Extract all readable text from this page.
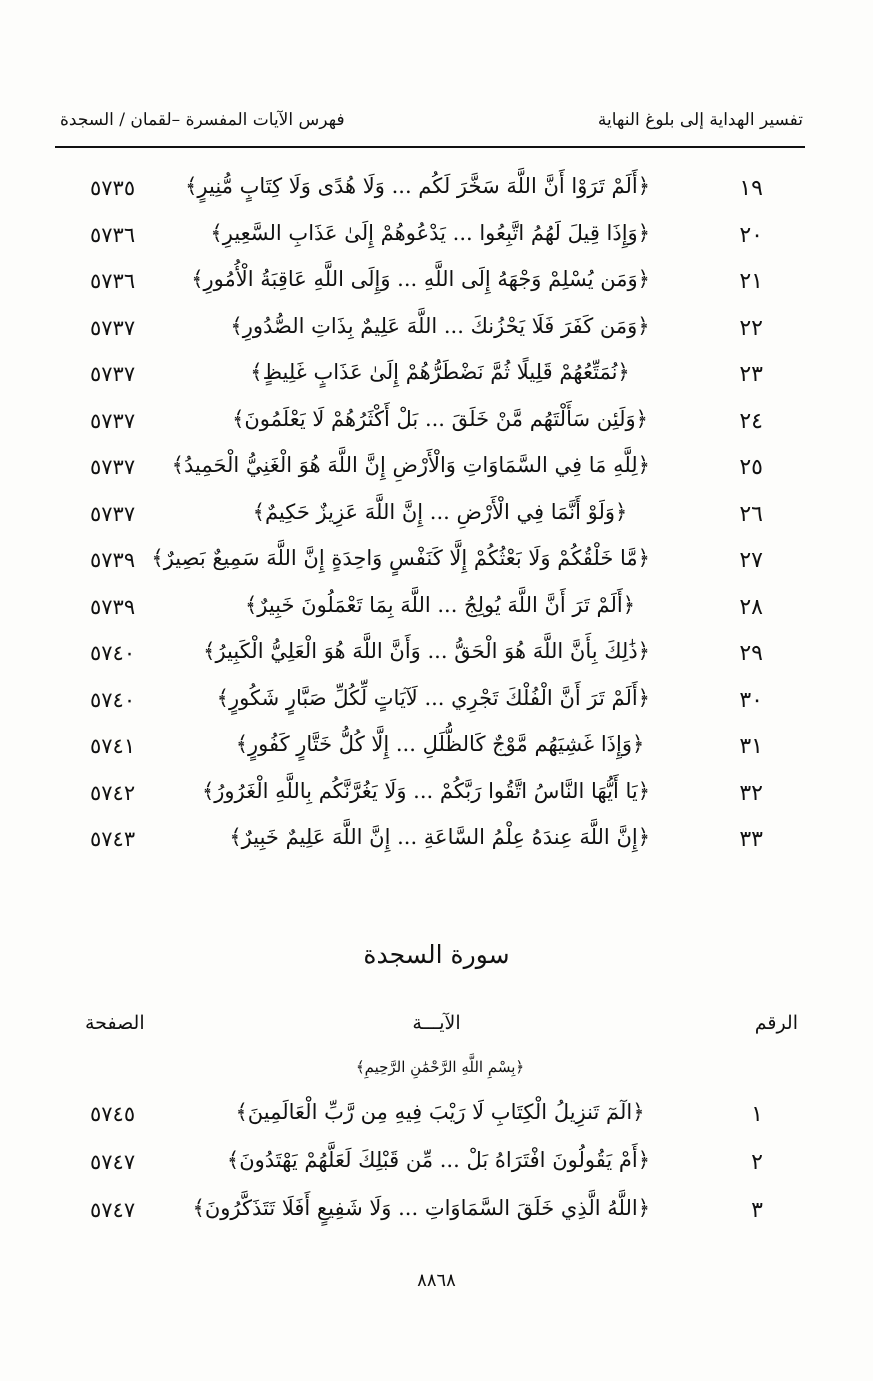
تفسير الهداية إلى بلوغ النهاية
فهرس الآيات المفسرة –لقمان / السجدة
١٩
﴿أَلَمْ تَرَوْا أَنَّ اللَّهَ سَخَّرَ لَكُم ... وَلَا هُدًى وَلَا كِتَابٍ مُّنِيرٍ﴾
٥٧٣٥
٢٠
﴿وَإِذَا قِيلَ لَهُمُ اتَّبِعُوا ... يَدْعُوهُمْ إِلَىٰ عَذَابِ السَّعِيرِ﴾
٥٧٣٦
٢١
﴿وَمَن يُسْلِمْ وَجْهَهُ إِلَى اللَّهِ ... وَإِلَى اللَّهِ عَاقِبَةُ الْأُمُورِ﴾
٥٧٣٦
٢٢
﴿وَمَن كَفَرَ فَلَا يَحْزُنكَ ... اللَّهَ عَلِيمٌ بِذَاتِ الصُّدُورِ﴾
٥٧٣٧
٢٣
﴿نُمَتِّعُهُمْ قَلِيلًا ثُمَّ نَضْطَرُّهُمْ إِلَىٰ عَذَابٍ غَلِيظٍ﴾
٥٧٣٧
٢٤
﴿وَلَئِن سَأَلْتَهُم مَّنْ خَلَقَ ... بَلْ أَكْثَرُهُمْ لَا يَعْلَمُونَ﴾
٥٧٣٧
٢٥
﴿لِلَّهِ مَا فِي السَّمَاوَاتِ وَالْأَرْضِ إِنَّ اللَّهَ هُوَ الْغَنِيُّ الْحَمِيدُ﴾
٥٧٣٧
٢٦
﴿وَلَوْ أَنَّمَا فِي الْأَرْضِ ... إِنَّ اللَّهَ عَزِيزٌ حَكِيمٌ﴾
٥٧٣٧
٢٧
﴿مَّا خَلْقُكُمْ وَلَا بَعْثُكُمْ إِلَّا كَنَفْسٍ وَاحِدَةٍ إِنَّ اللَّهَ سَمِيعٌ بَصِيرٌ﴾
٥٧٣٩
٢٨
﴿أَلَمْ تَرَ أَنَّ اللَّهَ يُولِجُ ... اللَّهَ بِمَا تَعْمَلُونَ خَبِيرٌ﴾
٥٧٣٩
٢٩
﴿ذَٰلِكَ بِأَنَّ اللَّهَ هُوَ الْحَقُّ ... وَأَنَّ اللَّهَ هُوَ الْعَلِيُّ الْكَبِيرُ﴾
٥٧٤٠
٣٠
﴿أَلَمْ تَرَ أَنَّ الْفُلْكَ تَجْرِي ... لَآيَاتٍ لِّكُلِّ صَبَّارٍ شَكُورٍ﴾
٥٧٤٠
٣١
﴿وَإِذَا غَشِيَهُم مَّوْجٌ كَالظُّلَلِ ... إِلَّا كُلُّ خَتَّارٍ كَفُورٍ﴾
٥٧٤١
٣٢
﴿يَا أَيُّهَا النَّاسُ اتَّقُوا رَبَّكُمْ ... وَلَا يَغُرَّنَّكُم بِاللَّهِ الْغَرُورُ﴾
٥٧٤٢
٣٣
﴿إِنَّ اللَّهَ عِندَهُ عِلْمُ السَّاعَةِ ... إِنَّ اللَّهَ عَلِيمٌ خَبِيرٌ﴾
٥٧٤٣
سورة السجدة
الرقم
الآيـــة
الصفحة
﴿بِسْمِ اللَّهِ الرَّحْمَٰنِ الرَّحِيمِ﴾
١
﴿الٓمٓ تَنزِيلُ الْكِتَابِ لَا رَيْبَ فِيهِ مِن رَّبِّ الْعَالَمِينَ﴾
٥٧٤٥
٢
﴿أَمْ يَقُولُونَ افْتَرَاهُ بَلْ ... مِّن قَبْلِكَ لَعَلَّهُمْ يَهْتَدُونَ﴾
٥٧٤٧
٣
﴿اللَّهُ الَّذِي خَلَقَ السَّمَاوَاتِ ... وَلَا شَفِيعٍ أَفَلَا تَتَذَكَّرُونَ﴾
٥٧٤٧
٨٨٦٨
